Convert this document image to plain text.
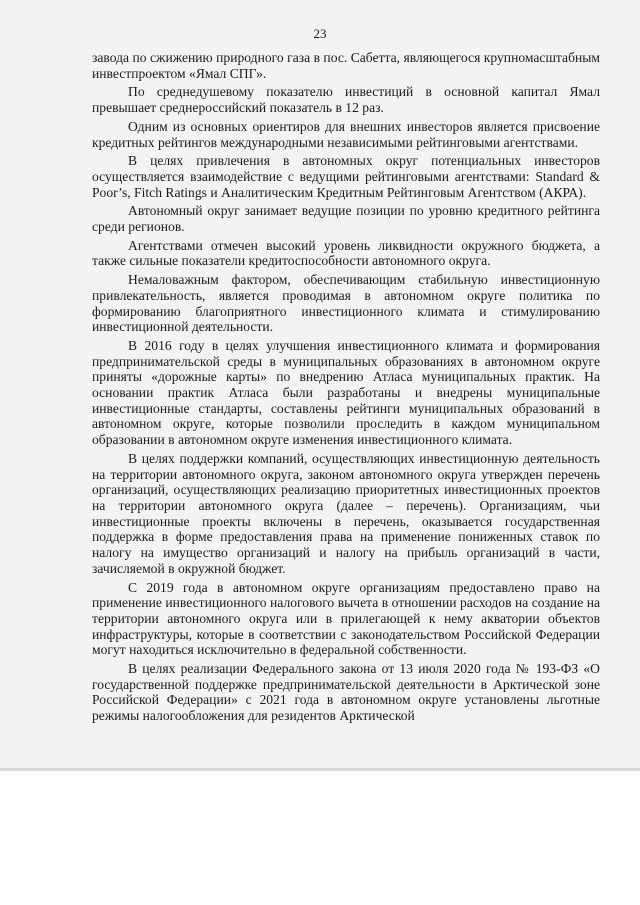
23

завода по сжижению природного газа в пос. Сабетта, являющегося крупномасштабным инвестпроектом «Ямал СПГ».

По среднедушевому показателю инвестиций в основной капитал Ямал превышает среднероссийский показатель в 12 раз.

Одним из основных ориентиров для внешних инвесторов является присвоение кредитных рейтингов международными независимыми рейтинговыми агентствами.

В целях привлечения в автономных округ потенциальных инвесторов осуществляется взаимодействие с ведущими рейтинговыми агентствами: Standard & Poor’s, Fitch Ratings и Аналитическим Кредитным Рейтинговым Агентством (АКРА).

Автономный округ занимает ведущие позиции по уровню кредитного рейтинга среди регионов.

Агентствами отмечен высокий уровень ликвидности окружного бюджета, а также сильные показатели кредитоспособности автономного округа.

Немаловажным фактором, обеспечивающим стабильную инвестиционную привлекательность, является проводимая в автономном округе политика по формированию благоприятного инвестиционного климата и стимулированию инвестиционной деятельности.

В 2016 году в целях улучшения инвестиционного климата и формирования предпринимательской среды в муниципальных образованиях в автономном округе приняты «дорожные карты» по внедрению Атласа муниципальных практик. На основании практик Атласа были разработаны и внедрены муниципальные инвестиционные стандарты, составлены рейтинги муниципальных образований в автономном округе, которые позволили проследить в каждом муниципальном образовании в автономном округе изменения инвестиционного климата.

В целях поддержки компаний, осуществляющих инвестиционную деятельность на территории автономного округа, законом автономного округа утвержден перечень организаций, осуществляющих реализацию приоритетных инвестиционных проектов на территории автономного округа (далее – перечень). Организациям, чьи инвестиционные проекты включены в перечень, оказывается государственная поддержка в форме предоставления права на применение пониженных ставок по налогу на имущество организаций и налогу на прибыль организаций в части, зачисляемой в окружной бюджет.

С 2019 года в автономном округе организациям предоставлено право на применение инвестиционного налогового вычета в отношении расходов на создание на территории автономного округа или в прилегающей к нему акватории объектов инфраструктуры, которые в соответствии с законодательством Российской Федерации могут находиться исключительно в федеральной собственности.

В целях реализации Федерального закона от 13 июля 2020 года № 193-ФЗ «О государственной поддержке предпринимательской деятельности в Арктической зоне Российской Федерации» с 2021 года в автономном округе установлены льготные режимы налогообложения для резидентов Арктической
